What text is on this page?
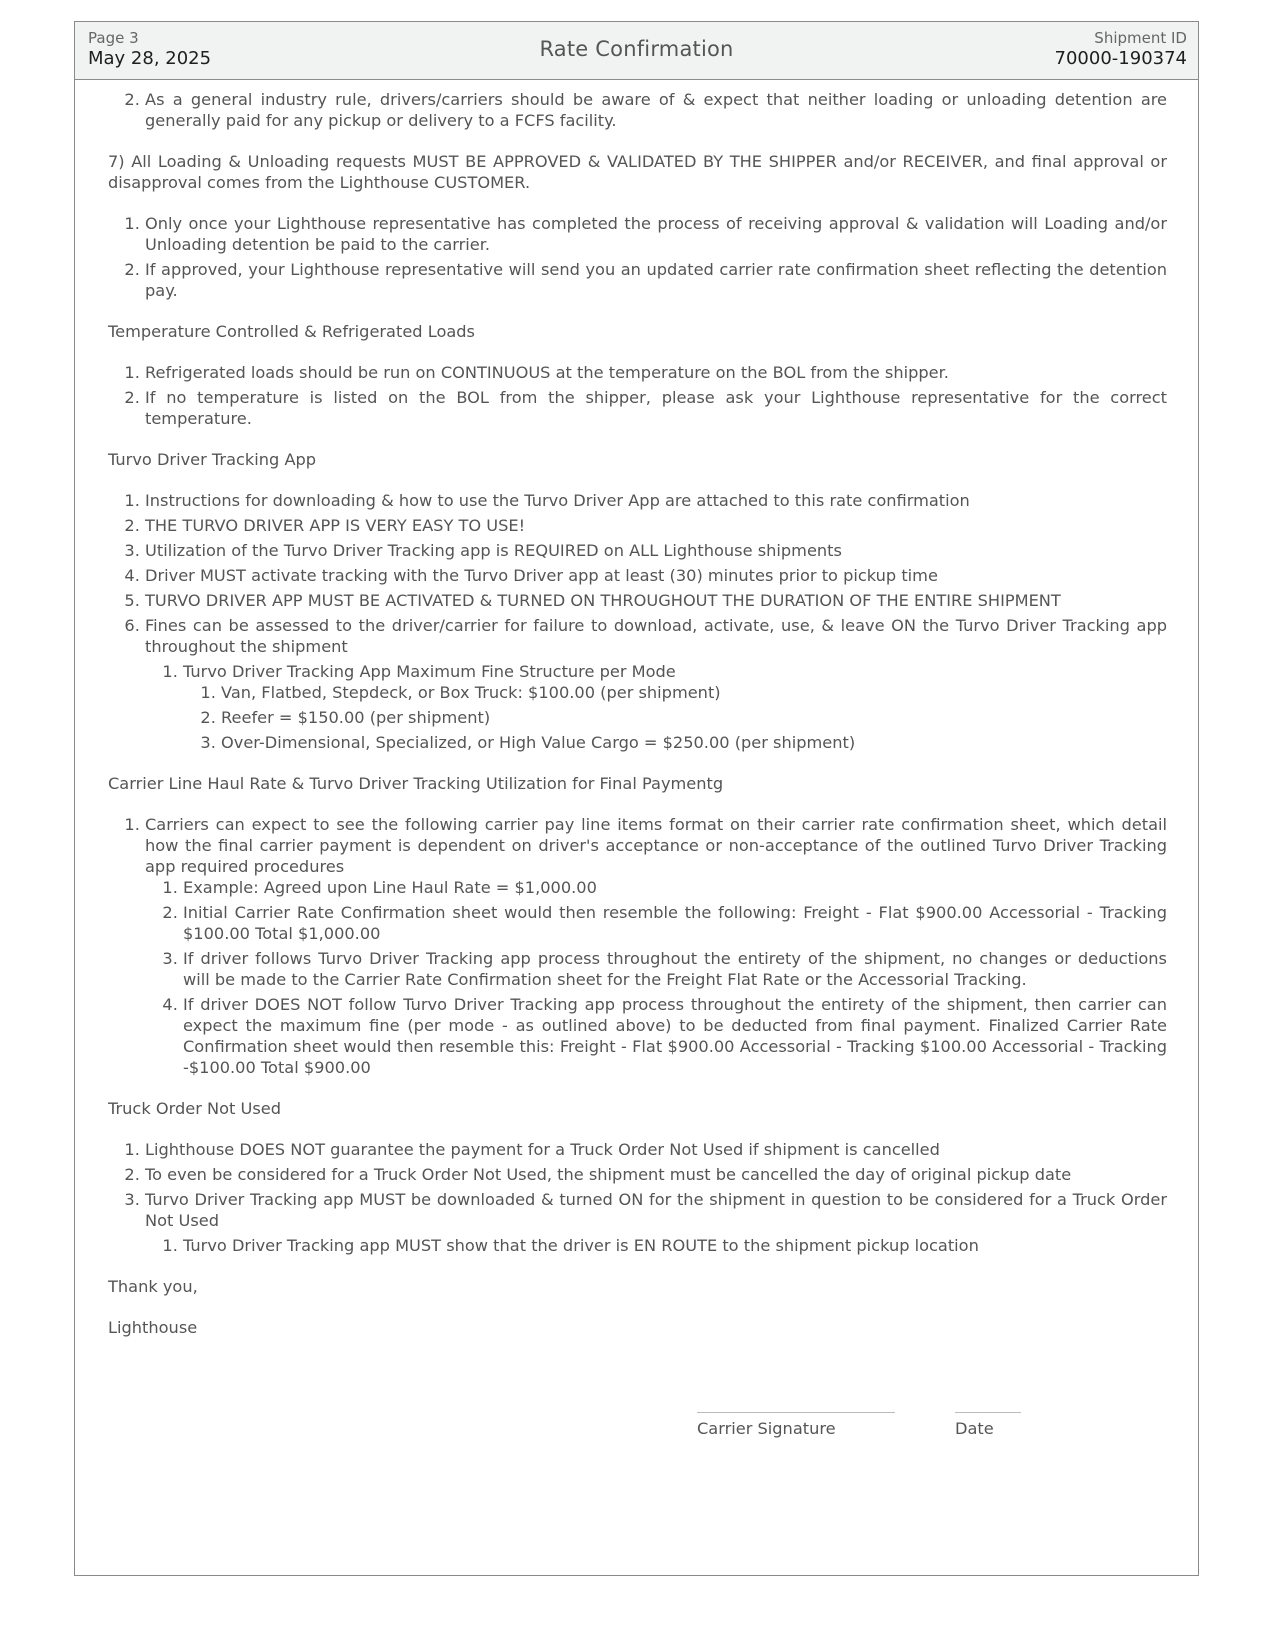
Page 3
May 28, 2025	Rate Confirmation	Shipment ID
70000-190374
2. As a general industry rule, drivers/carriers should be aware of & expect that neither loading or unloading detention are generally paid for any pickup or delivery to a FCFS facility.

7) All Loading & Unloading requests MUST BE APPROVED & VALIDATED BY THE SHIPPER and/or RECEIVER, and final approval or disapproval comes from the Lighthouse CUSTOMER.

1. Only once your Lighthouse representative has completed the process of receiving approval & validation will Loading and/or Unloading detention be paid to the carrier.
2. If approved, your Lighthouse representative will send you an updated carrier rate confirmation sheet reflecting the detention pay.

Temperature Controlled & Refrigerated Loads

1. Refrigerated loads should be run on CONTINUOUS at the temperature on the BOL from the shipper.
2. If no temperature is listed on the BOL from the shipper, please ask your Lighthouse representative for the correct temperature.

Turvo Driver Tracking App

1. Instructions for downloading & how to use the Turvo Driver App are attached to this rate confirmation
2. THE TURVO DRIVER APP IS VERY EASY TO USE!
3. Utilization of the Turvo Driver Tracking app is REQUIRED on ALL Lighthouse shipments
4. Driver MUST activate tracking with the Turvo Driver app at least (30) minutes prior to pickup time
5. TURVO DRIVER APP MUST BE ACTIVATED & TURNED ON THROUGHOUT THE DURATION OF THE ENTIRE SHIPMENT
6. Fines can be assessed to the driver/carrier for failure to download, activate, use, & leave ON the Turvo Driver Tracking app throughout the shipment
1. Turvo Driver Tracking App Maximum Fine Structure per Mode
1. Van, Flatbed, Stepdeck, or Box Truck: $100.00 (per shipment)
2. Reefer = $150.00 (per shipment)
3. Over-Dimensional, Specialized, or High Value Cargo = $250.00 (per shipment)

Carrier Line Haul Rate & Turvo Driver Tracking Utilization for Final Paymentg

1. Carriers can expect to see the following carrier pay line items format on their carrier rate confirmation sheet, which detail how the final carrier payment is dependent on driver's acceptance or non-acceptance of the outlined Turvo Driver Tracking app required procedures
1. Example: Agreed upon Line Haul Rate = $1,000.00
2. Initial Carrier Rate Confirmation sheet would then resemble the following: Freight - Flat $900.00 Accessorial - Tracking $100.00 Total $1,000.00
3. If driver follows Turvo Driver Tracking app process throughout the entirety of the shipment, no changes or deductions will be made to the Carrier Rate Confirmation sheet for the Freight Flat Rate or the Accessorial Tracking.
4. If driver DOES NOT follow Turvo Driver Tracking app process throughout the entirety of the shipment, then carrier can expect the maximum fine (per mode - as outlined above) to be deducted from final payment. Finalized Carrier Rate Confirmation sheet would then resemble this: Freight - Flat $900.00 Accessorial - Tracking $100.00 Accessorial - Tracking -$100.00 Total $900.00

Truck Order Not Used

1. Lighthouse DOES NOT guarantee the payment for a Truck Order Not Used if shipment is cancelled
2. To even be considered for a Truck Order Not Used, the shipment must be cancelled the day of original pickup date
3. Turvo Driver Tracking app MUST be downloaded & turned ON for the shipment in question to be considered for a Truck Order Not Used
1. Turvo Driver Tracking app MUST show that the driver is EN ROUTE to the shipment pickup location

Thank you,

Lighthouse

Carrier Signature	Date
